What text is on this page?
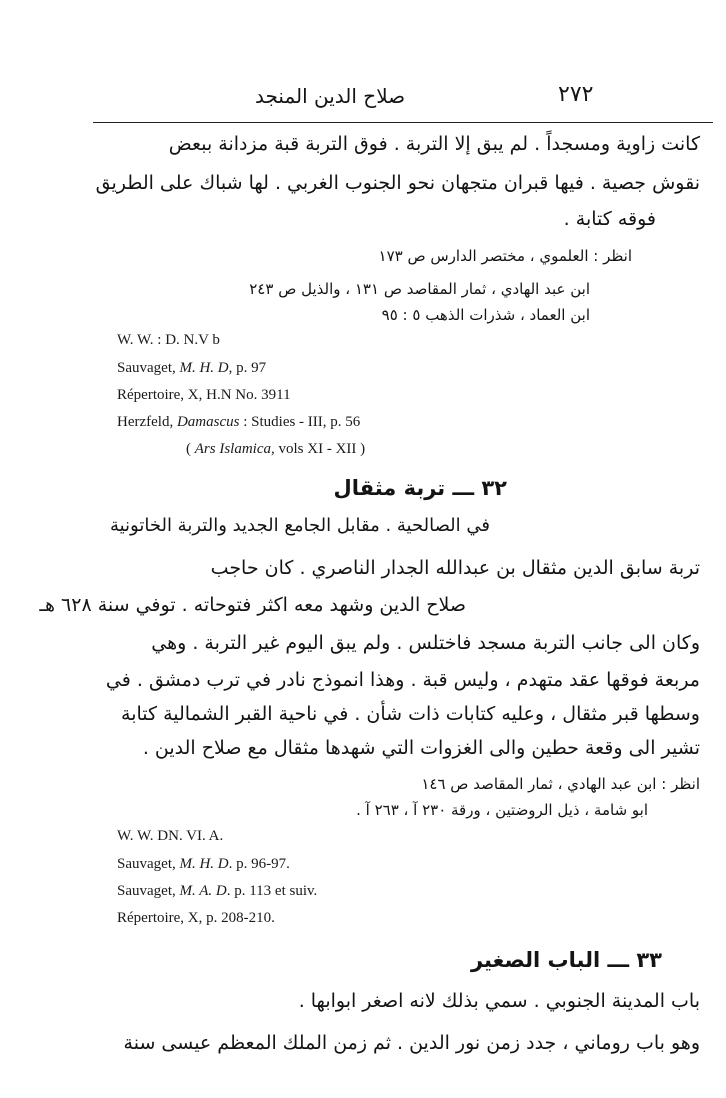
صلاح الدين المنجد	٢٧٢
كانت زاوية ومسجداً . لم يبق إلا التربة . فوق التربة قبة مزدانة ببعض
نقوش جصية . فيها قبران متجهان نحو الجنوب الغربي . لها شباك على الطريق
فوقه كتابة .
انظر : العلموي ، مختصر الدارس ص ١٧٣
ابن عبد الهادي ، ثمار المقاصد ص ١٣١ ، والذيل ص ٢٤٣
ابن العماد ، شذرات الذهب ٥ : ٩٥
W. W. : D. N.V b
Sauvaget, M. H. D, p. 97
Répertoire, X, H.N No. 3911
Herzfeld, Damascus : Studies - III, p. 56
( Ars Islamica, vols XI - XII )
٣٢ ـــ تربة مثقال
في الصالحية . مقابل الجامع الجديد والتربة الخاتونية
تربة سابق الدين مثقال بن عبدالله الجدار الناصري . كان حاجب
صلاح الدين وشهد معه اكثر فتوحاته . توفي سنة ٦٢٨ هـ
وكان الى جانب التربة مسجد فاختلس . ولم يبق اليوم غير التربة . وهي
مربعة فوقها عقد متهدم ، وليس قبة . وهذا انموذج نادر في ترب دمشق . في
وسطها قبر مثقال ، وعليه كتابات ذات شأن . في ناحية القبر الشمالية كتابة
تشير الى وقعة حطين والى الغزوات التي شهدها مثقال مع صلاح الدين .
انظر : ابن عبد الهادي ، ثمار المقاصد ص ١٤٦
ابو شامة ، ذيل الروضتين ، ورقة ٢٣٠ آ ، ٢٦٣ آ .
W. W. DN. VI. A.
Sauvaget, M. H. D. p. 96-97.
Sauvaget, M. A. D. p. 113 et suiv.
Répertoire, X, p. 208-210.
٣٣ ـــ الباب الصغير
باب المدينة الجنوبي . سمي بذلك لانه اصغر ابوابها .
وهو باب روماني ، جدد زمن نور الدين . ثم زمن الملك المعظم عيسى سنة
